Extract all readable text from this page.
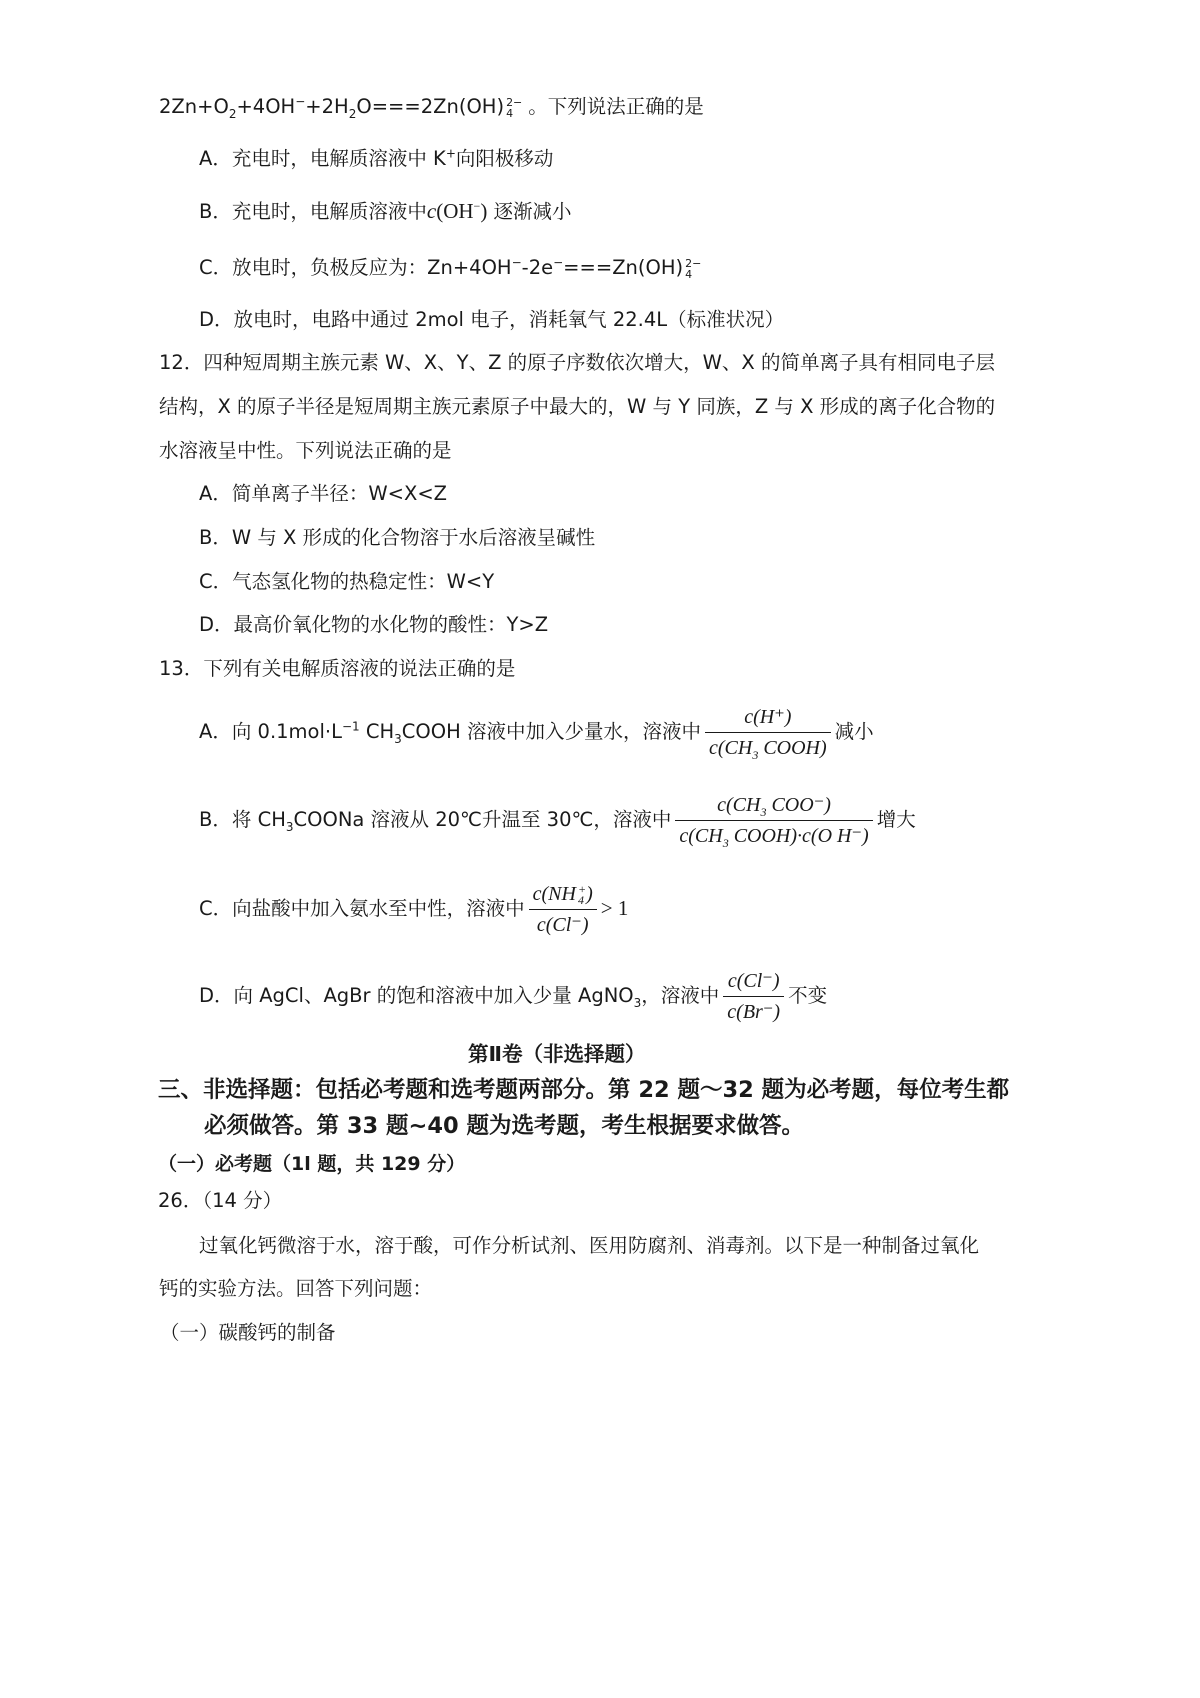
$2Zn+O_2+4OH^-+2H_2O===2Zn(OH)$ 2−
4 。下列说法正确的是
A．充电时，电解质溶液中 K+向阳极移动
B．充电时，电解质溶液中c(OH−) 逐渐减小
C．放电时，负极反应为：Zn+4OH−-2e−===Zn(OH) 2−
4
D．放电时，电路中通过 2mol 电子，消耗氧气 22.4L（标准状况）
12．四种短周期主族元素 W、X、Y、Z 的原子序数依次增大，W、X 的简单离子具有相同电子层
结构，X 的原子半径是短周期主族元素原子中最大的，W 与 Y 同族，Z 与 X 形成的离子化合物的
水溶液呈中性。下列说法正确的是
A．简单离子半径：W<X<Z
B．W 与 X 形成的化合物溶于水后溶液呈碱性
C．气态氢化物的热稳定性：W<Y
D．最高价氧化物的水化物的酸性：Y>Z
13．下列有关电解质溶液的说法正确的是
A．向 $0.1mol\cdot L^{-1}$ $CH_3COOH$ 溶液中加入少量水，溶液中 $\frac{c(H^+)}{c(CH_3 COOH)}$ 减小
B．将 $CH_3COONa$ 溶液从 20℃升温至 30℃，溶液中 $\frac{c(CH_3 COO^-)}{c(CH_3 COOH)\cdot c(O H^-)}$ 增大
C．向盐酸中加入氨水至中性，溶液中 c(NH +
4 )
c(Cl⁻) > 1
D．向 AgCl、AgBr 的饱和溶液中加入少量 AgNO$_3$，溶液中 $\frac{c(Cl^-)}{c(Br^-)}$ 不变
第Ⅱ卷（非选择题）
三、非选择题：包括必考题和选考题两部分。第 22 题～32 题为必考题，每位考生都
必须做答。第 33 题~40 题为选考题，考生根据要求做答。
（一）必考题（1l 题，共 129 分）
26．（14 分）
过氧化钙微溶于水，溶于酸，可作分析试剂、医用防腐剂、消毒剂。以下是一种制备过氧化
钙的实验方法。回答下列问题：
（一）碳酸钙的制备
